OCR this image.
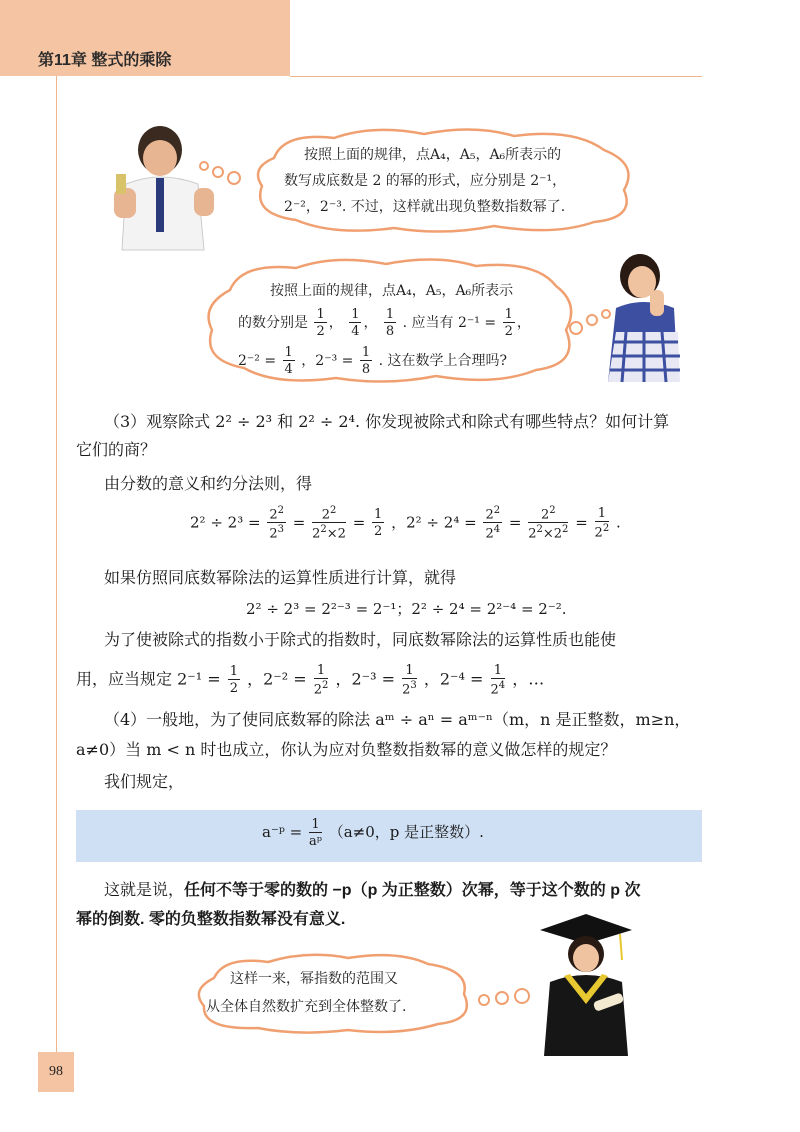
第11章 整式的乘除
按照上面的规律，点A₄，A₅，A₆所表示的
数写成底数是 2 的幂的形式，应分别是 2⁻¹，
2⁻²，2⁻³. 不过，这样就出现负整数指数幂了.
按照上面的规律，点A₄，A₅，A₆所表示
的数分别是 $\frac{1}{2}$ ， $\frac{1}{4}$ ， $\frac{1}{8}$ . 应当有 $2^{-1} = \frac{1}{2}$ ，
$2^{-2} = \frac{1}{4}$ ，$2^{-3} = \frac{1}{8}$ . 这在数学上合理吗?
（3）观察除式 2² ÷ 2³ 和 2² ÷ 2⁴. 你发现被除式和除式有哪些特点？如何计算
它们的商？
由分数的意义和约分法则，得
$2^2 \div 2^3 = \frac{2^2}{2^3} = \frac{2^2}{2^2\times 2} = \frac{1}{2}$ ，$2^2 \div 2^4 = \frac{2^2}{2^4} = \frac{2^2}{2^2\times 2^2} = \frac{1}{2^2}$ .
如果仿照同底数幂除法的运算性质进行计算，就得
2² ÷ 2³ = 2²⁻³ = 2⁻¹；2² ÷ 2⁴ = 2²⁻⁴ = 2⁻².
为了使被除式的指数小于除式的指数时，同底数幂除法的运算性质也能使
用，应当规定 $2^{-1} = \frac{1}{2}$ ，$2^{-2} = \frac{1}{2^2}$ ，$2^{-3} = \frac{1}{2^3}$ ，$2^{-4} = \frac{1}{2^4}$ ，…
（4）一般地，为了使同底数幂的除法 aᵐ ÷ aⁿ = aᵐ⁻ⁿ（m，n 是正整数，m≥n，
a≠0）当 m < n 时也成立，你认为应对负整数指数幂的意义做怎样的规定？
我们规定，
a⁻ᵖ = $\frac{1}{\text{aᵖ}} (a\ne 0$，p 是正整数）.
这就是说，任何不等于零的数的 −p（p 为正整数）次幂，等于这个数的 p 次
幂的倒数. 零的负整数指数幂没有意义.
这样一来，幂指数的范围又
从全体自然数扩充到全体整数了.
98
